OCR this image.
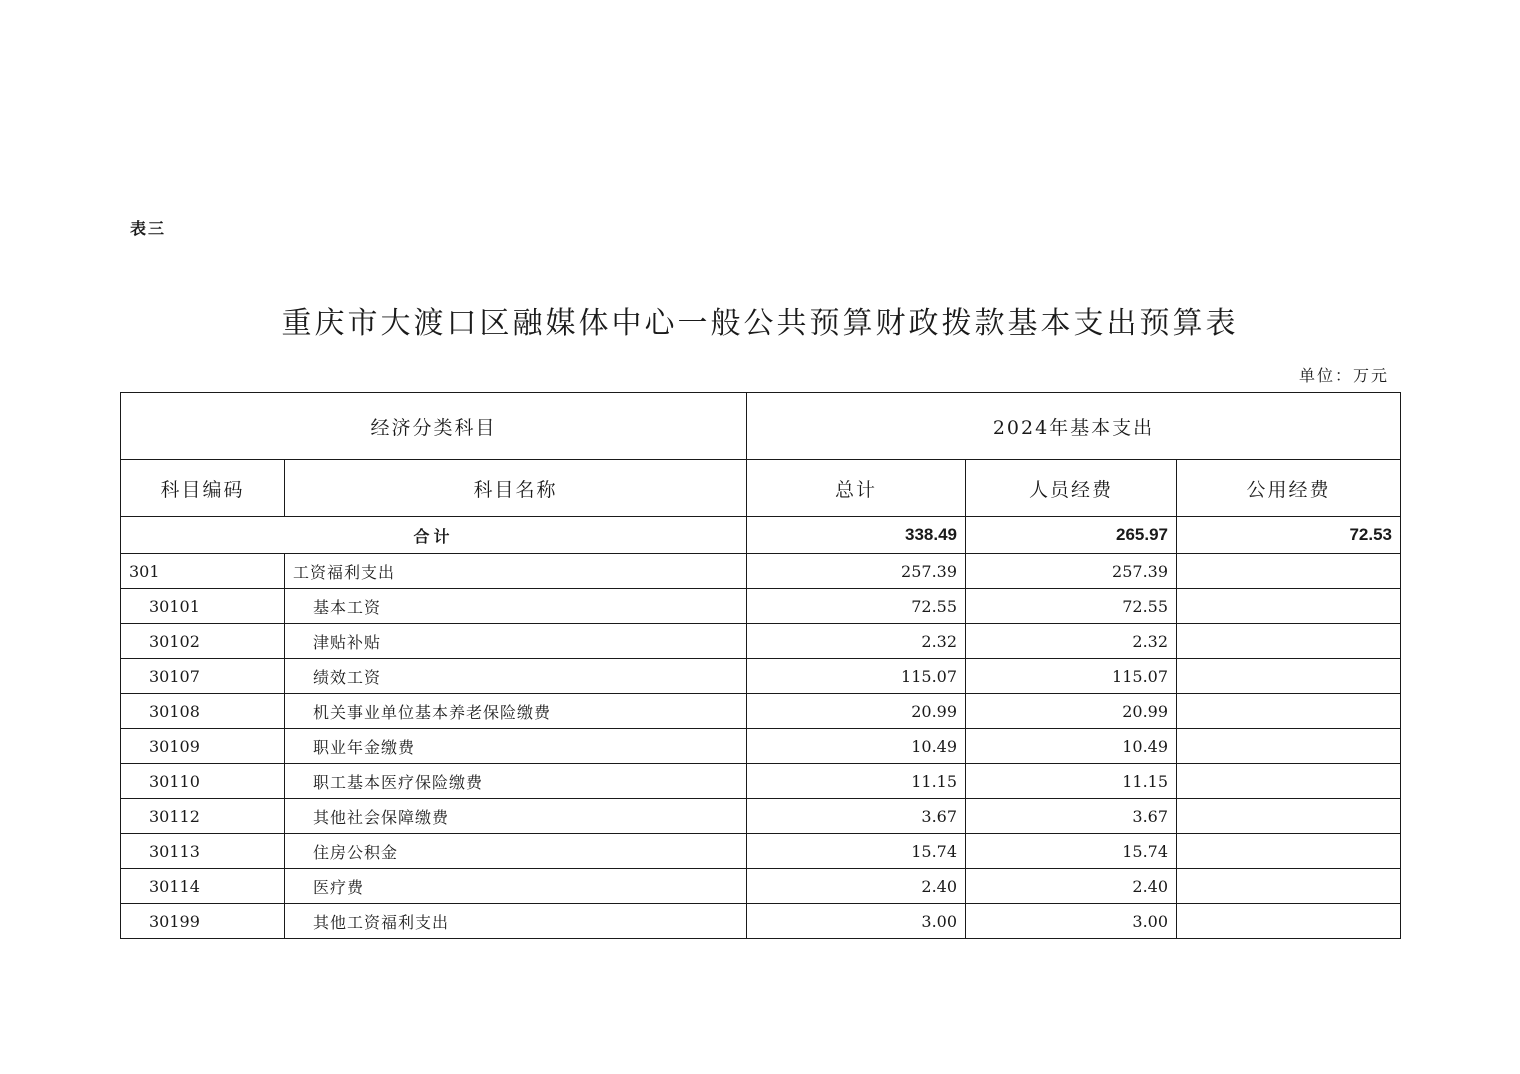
表三
重庆市大渡口区融媒体中心一般公共预算财政拨款基本支出预算表
单位：万元
经济分类科目		2024年基本支出		
科目编码	科目名称	总计	人员经费	公用经费
合计		338.49	265.97	72.53
301	工资福利支出	257.39	257.39	
30101	基本工资	72.55	72.55	
30102	津贴补贴	2.32	2.32	
30107	绩效工资	115.07	115.07	
30108	机关事业单位基本养老保险缴费	20.99	20.99	
30109	职业年金缴费	10.49	10.49	
30110	职工基本医疗保险缴费	11.15	11.15	
30112	其他社会保障缴费	3.67	3.67	
30113	住房公积金	15.74	15.74	
30114	医疗费	2.40	2.40	
30199	其他工资福利支出	3.00	3.00	
